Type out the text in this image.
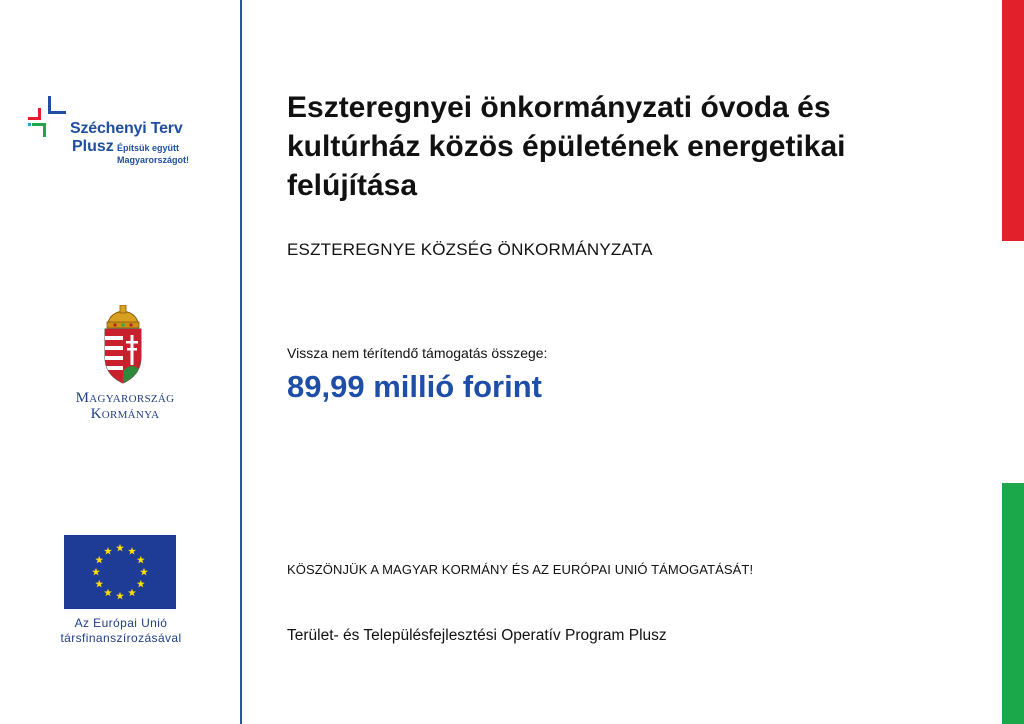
Széchenyi Terv
Plusz Építsük együtt Magyarországot!
Magyarország
Kormánya
Az Európai Unió
társfinanszírozásával
Eszteregnyei önkormányzati óvoda és kultúrház közös épületének energetikai felújítása
ESZTEREGNYE KÖZSÉG ÖNKORMÁNYZATA
Vissza nem térítendő támogatás összege:
89,99 millió forint
KÖSZÖNJÜK A MAGYAR KORMÁNY ÉS AZ EURÓPAI UNIÓ TÁMOGATÁSÁT!
Terület- és Településfejlesztési Operatív Program Plusz
